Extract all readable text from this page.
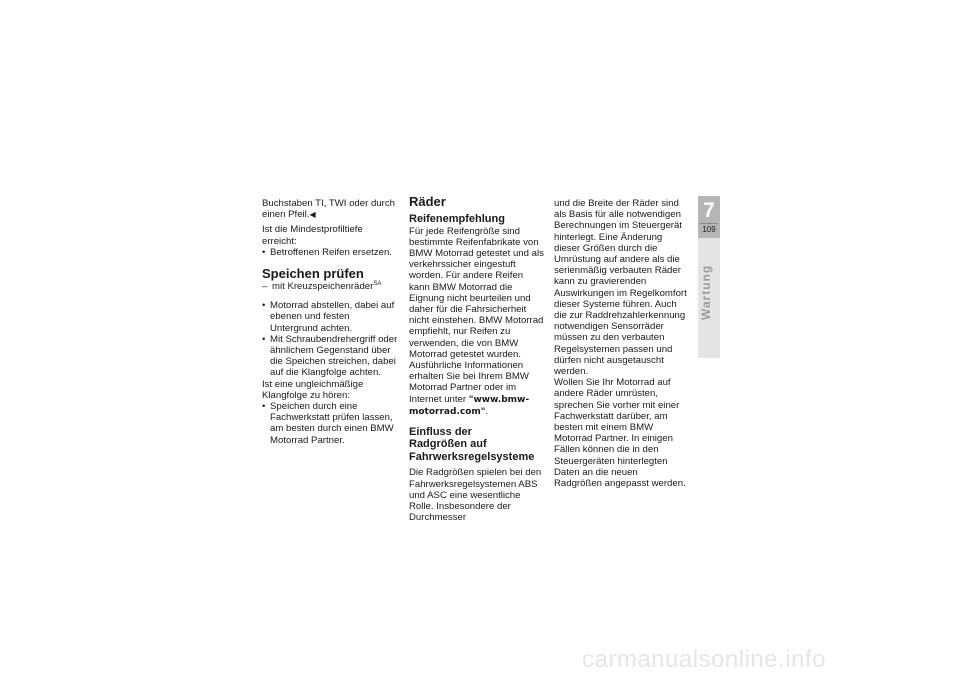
Buchstaben TI, TWI oder durch
einen Pfeil.◀

Ist die Mindestprofiltiefe erreicht:

• Betroffenen Reifen ersetzen.
Speichen prüfen

– mit Kreuzspeichenräder$^{SA}$

• Motorrad abstellen, dabei auf ebenen und festen Untergrund achten.
• Mit Schraubendrehergriff oder ähnlichem Gegenstand über die Speichen streichen, dabei auf die Klangfolge achten.

Ist eine ungleichmäßige Klangfolge zu hören:

• Speichen durch eine Fachwerkstatt prüfen lassen, am besten durch einen BMW Motorrad Partner.
Räder
Reifenempfehlung

Für jede Reifengröße sind bestimmte Reifenfabrikate von BMW Motorrad getestet und als verkehrssicher eingestuft worden. Für andere Reifen kann BMW Motorrad die Eignung nicht beurteilen und daher für die Fahrsicherheit nicht einstehen. BMW Motorrad empfiehlt, nur Reifen zu verwenden, die von BMW Motorrad getestet wurden. Ausführliche Informationen erhalten Sie bei Ihrem BMW Motorrad Partner oder im Internet unter "www.bmw-motorrad.com".

Einfluss der
Radgrößen auf
Fahrwerksregelsysteme

Die Radgrößen spielen bei den Fahrwerksregelsystemen ABS und ASC eine wesentliche Rolle. Insbesondere der Durchmesser

und die Breite der Räder sind als Basis für alle notwendigen Berechnungen im Steuergerät hinterlegt. Eine Änderung dieser Größen durch die Umrüstung auf andere als die serienmäßig verbauten Räder kann zu gravierenden Auswirkungen im Regelkomfort dieser Systeme führen. Auch die zur Raddrehzahlerkennung notwendigen Sensorräder müssen zu den verbauten Regelsystemen passen und dürfen nicht ausgetauscht werden.

Wollen Sie Ihr Motorrad auf andere Räder umrüsten, sprechen Sie vorher mit einer Fachwerkstatt darüber, am besten mit einem BMW Motorrad Partner. In einigen Fällen können die in den Steuergeräten hinterlegten Daten an die neuen Radgrößen angepasst werden.

7
109
Wartung
carmanualsonline.info
